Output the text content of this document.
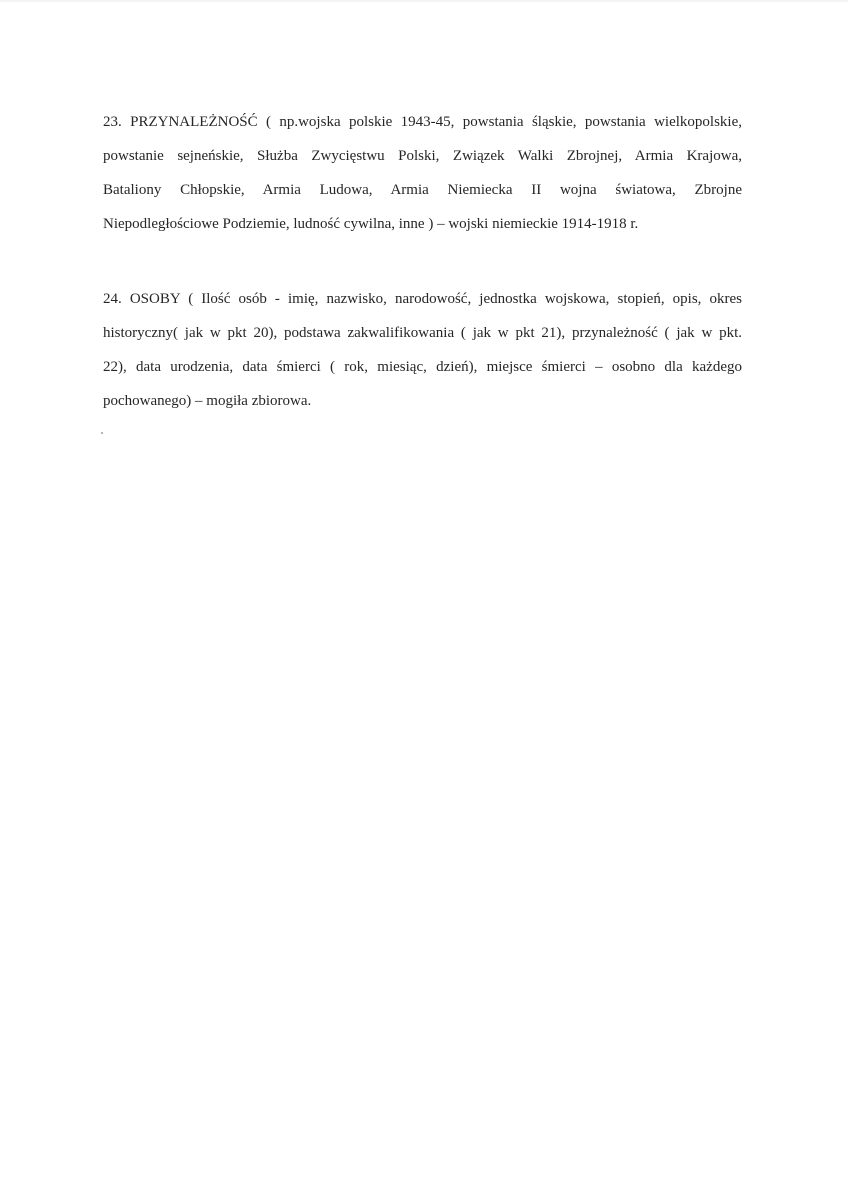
23. PRZYNALEŻNOŚĆ ( np.wojska polskie 1943-45, powstania śląskie, powstania wielkopolskie,
powstanie sejneńskie, Służba Zwycięstwu Polski, Związek Walki Zbrojnej, Armia Krajowa,
Bataliony Chłopskie, Armia Ludowa, Armia Niemiecka II wojna światowa, Zbrojne
Niepodległościowe Podziemie, ludność cywilna, inne ) – wojski niemieckie 1914-1918 r.

24. OSOBY ( Ilość osób - imię, nazwisko, narodowość, jednostka wojskowa, stopień, opis, okres
historyczny( jak w pkt 20), podstawa zakwalifikowania ( jak w pkt 21), przynależność ( jak w pkt.
22), data urodzenia, data śmierci ( rok, miesiąc, dzień), miejsce śmierci – osobno dla każdego
pochowanego) – mogiła zbiorowa.
